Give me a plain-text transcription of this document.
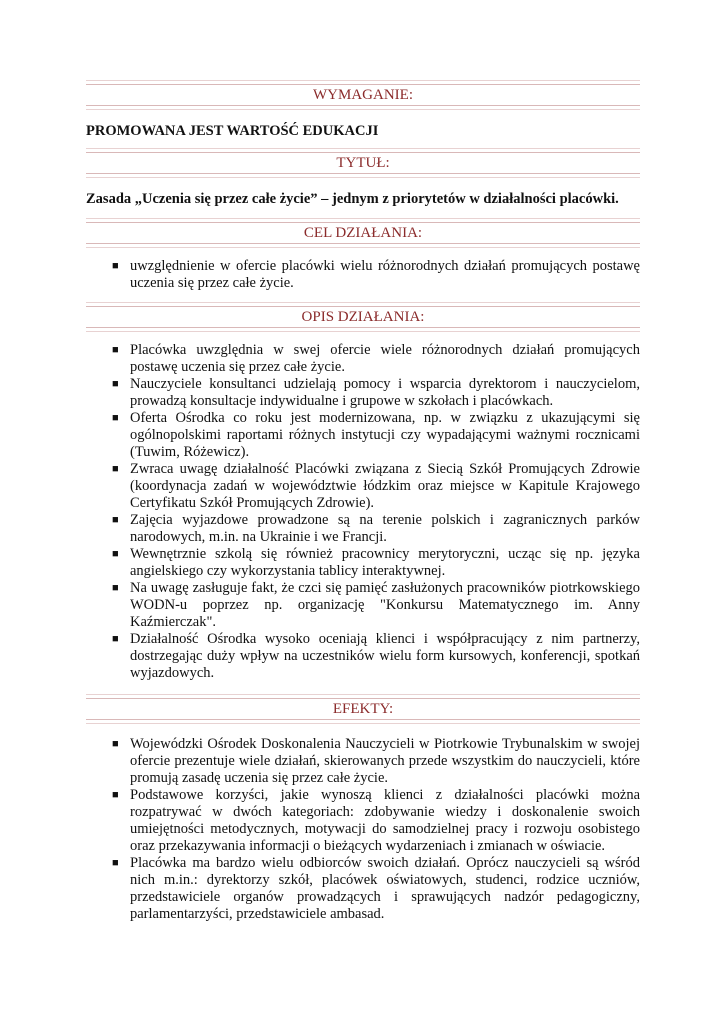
WYMAGANIE:
PROMOWANA JEST WARTOŚĆ EDUKACJI
TYTUŁ:
Zasada „Uczenia się przez całe życie” – jednym z priorytetów w działalności placówki.
CEL DZIAŁANIA:
■ uwzględnienie w ofercie placówki wielu różnorodnych działań promujących postawę uczenia się przez całe życie.
OPIS DZIAŁANIA:
■ Placówka uwzględnia w swej ofercie wiele różnorodnych działań promujących postawę uczenia się przez całe życie.
■ Nauczyciele konsultanci udzielają pomocy i wsparcia dyrektorom i nauczycielom, prowadzą konsultacje indywidualne i grupowe w szkołach i placówkach.
■ Oferta Ośrodka co roku jest modernizowana, np. w związku z ukazującymi się ogólnopolskimi raportami różnych instytucji czy wypadającymi ważnymi rocznicami (Tuwim, Różewicz).
■ Zwraca uwagę działalność Placówki związana z Siecią Szkół Promujących Zdrowie (koordynacja zadań w województwie łódzkim oraz miejsce w Kapitule Krajowego Certyfikatu Szkół Promujących Zdrowie).
■ Zajęcia wyjazdowe prowadzone są na terenie polskich i zagranicznych parków narodowych, m.in. na Ukrainie i we Francji.
■ Wewnętrznie szkolą się również pracownicy merytoryczni, ucząc się np. języka angielskiego czy wykorzystania tablicy interaktywnej.
■ Na uwagę zasługuje fakt, że czci się pamięć zasłużonych pracowników piotrkowskiego WODN-u poprzez np. organizację "Konkursu Matematycznego im. Anny Kaźmierczak".
■ Działalność Ośrodka wysoko oceniają klienci i współpracujący z nim partnerzy, dostrzegając duży wpływ na uczestników wielu form kursowych, konferencji, spotkań wyjazdowych.
EFEKTY:
■ Wojewódzki Ośrodek Doskonalenia Nauczycieli w Piotrkowie Trybunalskim w swojej ofercie prezentuje wiele działań, skierowanych przede wszystkim do nauczycieli, które promują zasadę uczenia się przez całe życie.
■ Podstawowe korzyści, jakie wynoszą klienci z działalności placówki można rozpatrywać w dwóch kategoriach: zdobywanie wiedzy i doskonalenie swoich umiejętności metodycznych, motywacji do samodzielnej pracy i rozwoju osobistego oraz przekazywania informacji o bieżących wydarzeniach i zmianach w oświacie.
■ Placówka ma bardzo wielu odbiorców swoich działań. Oprócz nauczycieli są wśród nich m.in.: dyrektorzy szkół, placówek oświatowych, studenci, rodzice uczniów, przedstawiciele organów prowadzących i sprawujących nadzór pedagogiczny, parlamentarzyści, przedstawiciele ambasad.
